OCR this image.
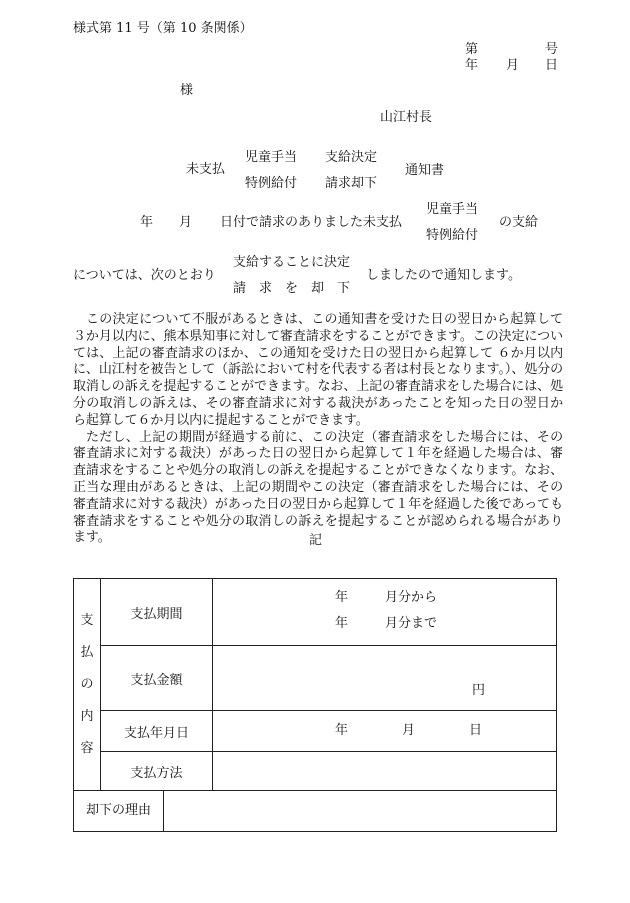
様式第 11 号（第 10 条関係）
第	号
年 月 日
様
山江村長
未支払
児童手当
特例給付
支給決定
請求却下
通知書
年 月 日付で請求のありました未支払
児童手当
特例給付
の支給
については、次のとおり
支給することに決定
請　求　を　却　下
しましたので通知します。

この決定について不服があるときは、この通知書を受けた日の翌日から起算して３か月以内に、熊本県知事に対して審査請求をすることができます。この決定については、上記の審査請求のほか、この通知を受けた日の翌日から起算して ６か月以内に、山江村を被告として（訴訟において村を代表する者は村長となります。）、処分の取消しの訴えを提起することができます。なお、上記の審査請求をした場合には、処分の取消しの訴えは、その審査請求に対する裁決があったことを知った日の翌日から起算して６か月以内に提起することができます。

ただし、上記の期間が経過する前に、この決定（審査請求をした場合には、その審査請求に対する裁決）があった日の翌日から起算して１年を経過した場合は、審査請求をすることや処分の取消しの訴えを提起することができなくなります。なお、正当な理由があるときは、上記の期間やこの決定（審査請求をした場合には、その審査請求に対する裁決）があった日の翌日から起算して１年を経過した後であっても審査請求をすることや処分の取消しの訴えを提起することが認められる場合があります。	記
支
払
の
内
容	支払期間	年 月分から
年 月分まで

	支払金額	円

	支払年月日	年 月 日

	支払方法	

却下の理由		
